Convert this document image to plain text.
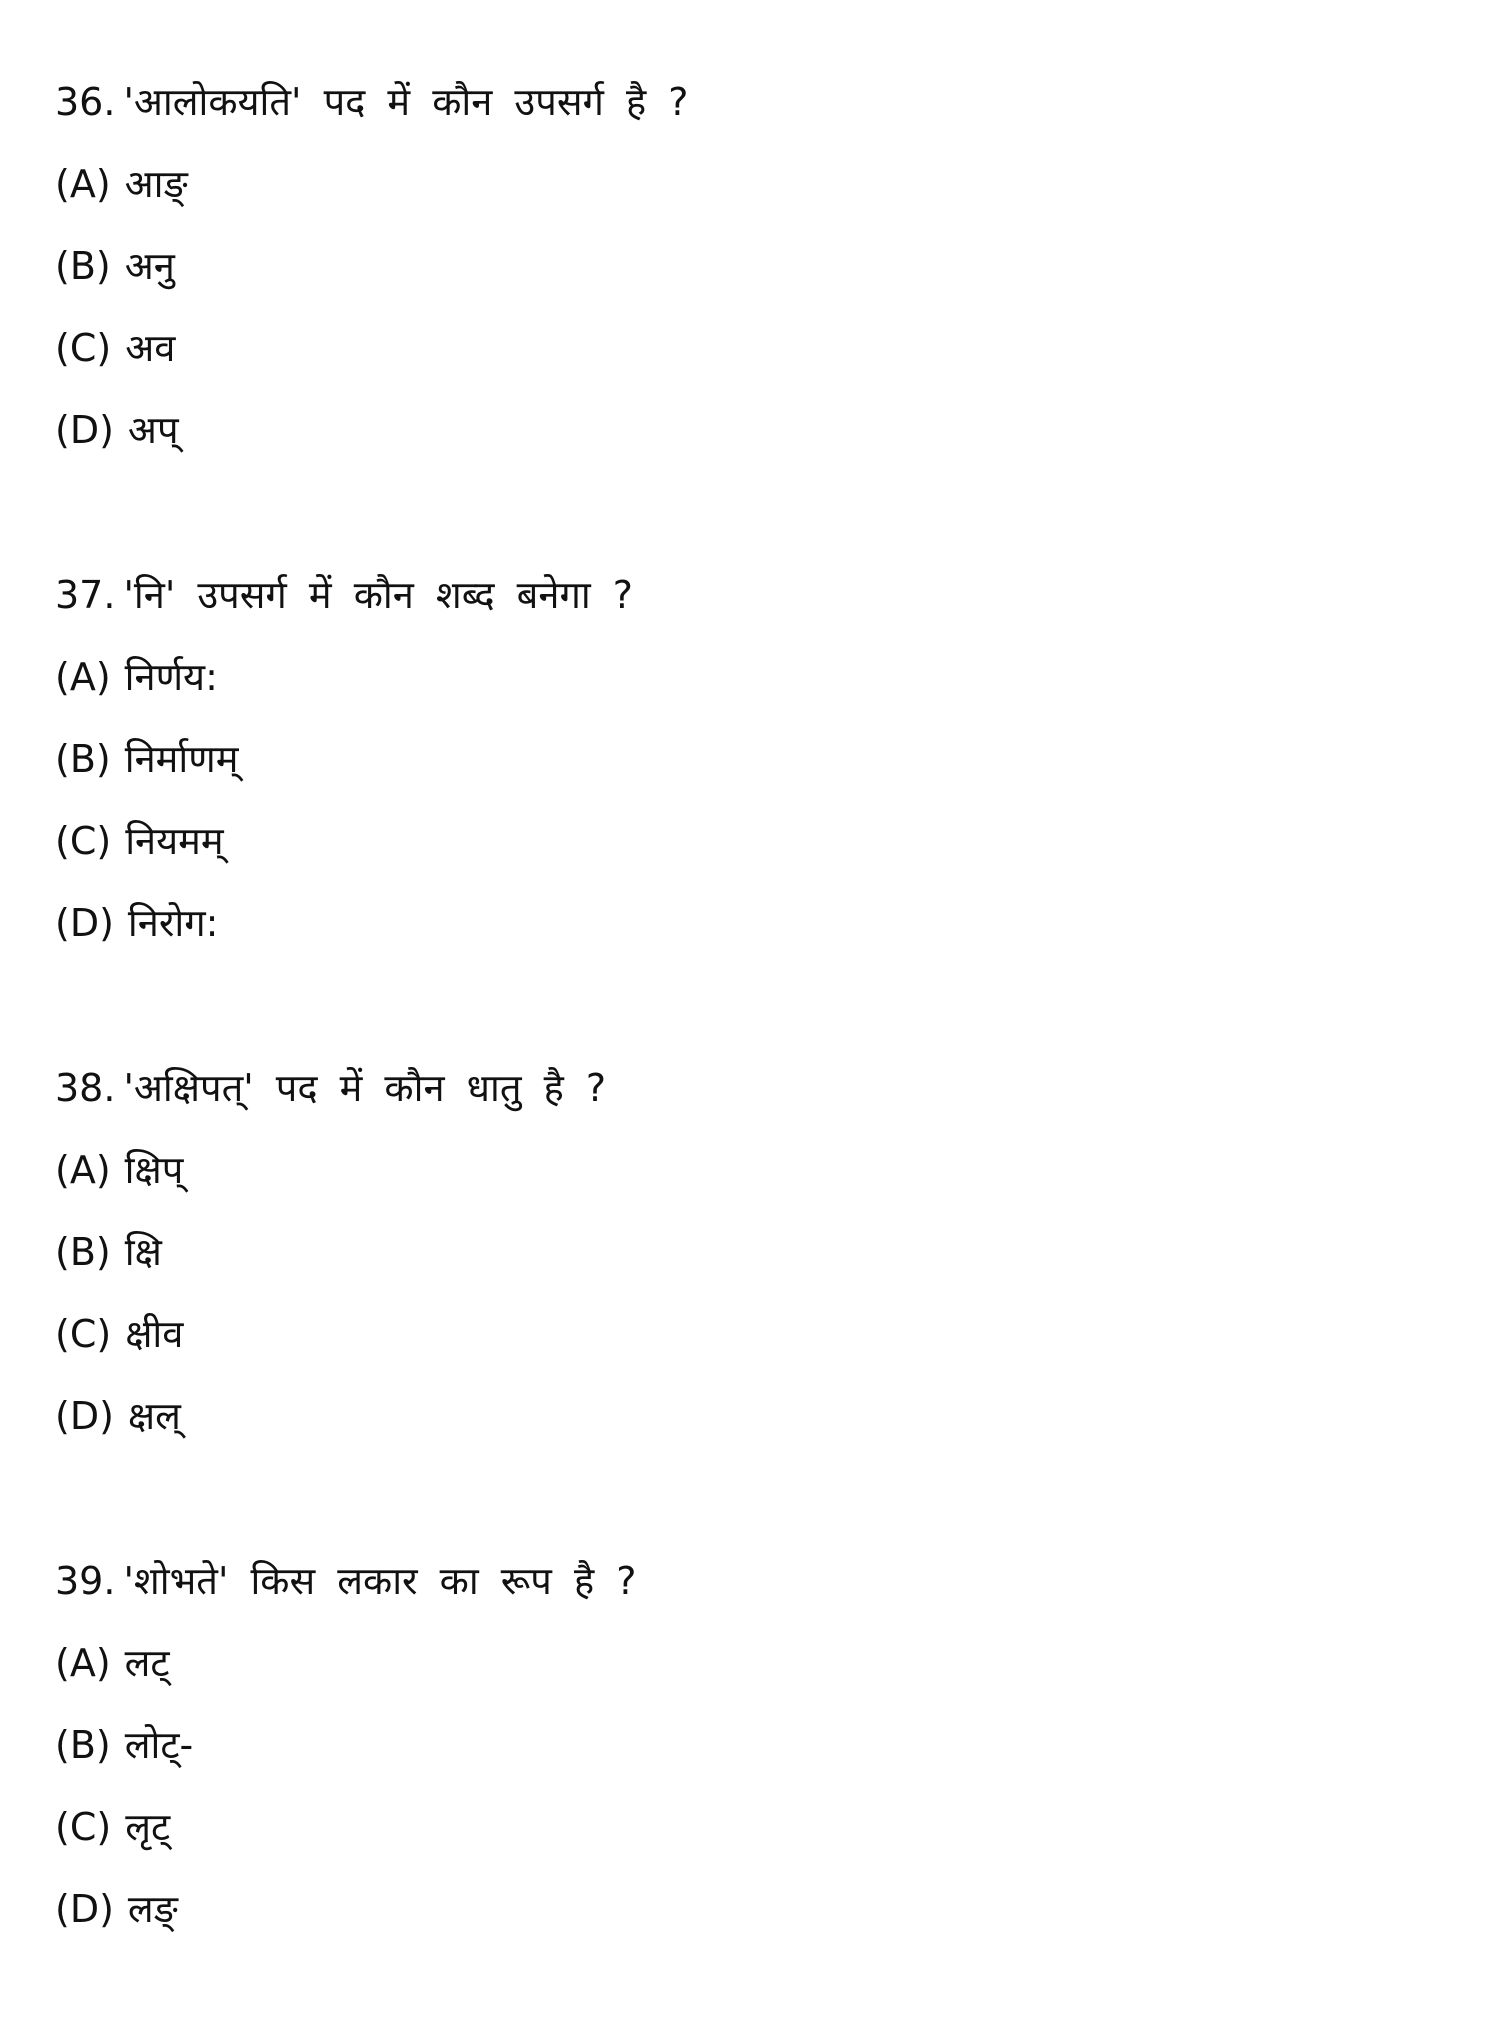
36. 'आलोकयति' पद में कौन उपसर्ग है ?
(A) आङ्
(B) अनु
(C) अव
(D) अप्
37. 'नि' उपसर्ग में कौन शब्द बनेगा ?
(A) निर्णय:
(B) निर्माणम्
(C) नियमम्
(D) निरोग:
38. 'अक्षिपत्' पद में कौन धातु है ?
(A) क्षिप्
(B) क्षि
(C) क्षीव
(D) क्षल्
39. 'शोभते' किस लकार का रूप है ?
(A) लट्
(B) लोट्-
(C) लृट्
(D) लङ्
